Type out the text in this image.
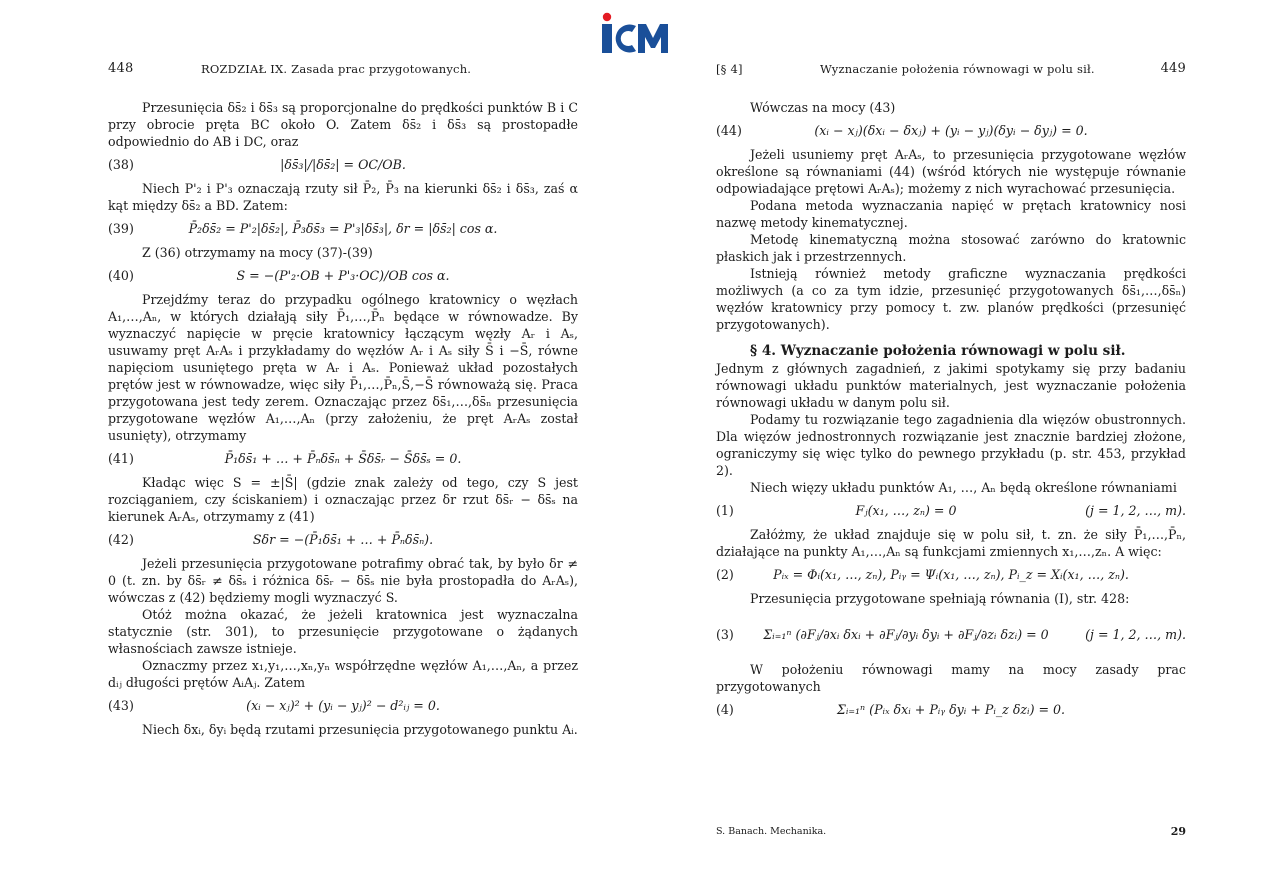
448	ROZDZIAŁ IX. Zasada prac przygotowanych.

Przesunięcia δs̄₂ i δs̄₃ są proporcjonalne do prędkości punktów B i C przy obrocie pręta BC około O. Zatem δs̄₂ i δs̄₃ są prostopadłe odpowiednio do AB i DC, oraz

(38)	|δs̄₃|/|δs̄₂| = OC/OB.

Niech P'₂ i P'₃ oznaczają rzuty sił P̄₂, P̄₃ na kierunki δs̄₂ i δs̄₃, zaś α kąt między δs̄₂ a BD. Zatem:

(39)	P̄₂δs̄₂ = P'₂|δs̄₂|, P̄₃δs̄₃ = P'₃|δs̄₃|, δr = |δs̄₂| cos α.

Z (36) otrzymamy na mocy (37)-(39)

(40)	S = −(P'₂·OB + P'₃·OC)/OB cos α.

Przejdźmy teraz do przypadku ogólnego kratownicy o węzłach A₁,…,Aₙ, w których działają siły P̄₁,…,P̄ₙ będące w równowadze. By wyznaczyć napięcie w pręcie kratownicy łączącym węzły Aᵣ i Aₛ, usuwamy pręt AᵣAₛ i przykładamy do węzłów Aᵣ i Aₛ siły S̄ i −S̄, równe napięciom usuniętego pręta w Aᵣ i Aₛ. Ponieważ układ pozostałych prętów jest w równowadze, więc siły P̄₁,…,P̄ₙ,S̄,−S̄ równoważą się. Praca przygotowana jest tedy zerem. Oznaczając przez δs̄₁,…,δs̄ₙ przesunięcia przygotowane węzłów A₁,…,Aₙ (przy założeniu, że pręt AᵣAₛ został usunięty), otrzymamy

(41)	P̄₁δs̄₁ + … + P̄ₙδs̄ₙ + S̄δs̄ᵣ − S̄δs̄ₛ = 0.

Kładąc więc S = ±|S̄| (gdzie znak zależy od tego, czy S jest rozciąganiem, czy ściskaniem) i oznaczając przez δr rzut δs̄ᵣ − δs̄ₛ na kierunek AᵣAₛ, otrzymamy z (41)

(42)	Sδr = −(P̄₁δs̄₁ + … + P̄ₙδs̄ₙ).

Jeżeli przesunięcia przygotowane potrafimy obrać tak, by było δr ≠ 0 (t. zn. by δs̄ᵣ ≠ δs̄ₛ i różnica δs̄ᵣ − δs̄ₛ nie była prostopadła do AᵣAₛ), wówczas z (42) będziemy mogli wyznaczyć S.

Otóż można okazać, że jeżeli kratownica jest wyznaczalna statycznie (str. 301), to przesunięcie przygotowane o żądanych własnościach zawsze istnieje.

Oznaczmy przez x₁,y₁,…,xₙ,yₙ współrzędne węzłów A₁,…,Aₙ, a przez dᵢⱼ długości prętów AᵢAⱼ. Zatem

(43)	(xᵢ − xⱼ)² + (yᵢ − yⱼ)² − d²ᵢⱼ = 0.

Niech δxᵢ, δyᵢ będą rzutami przesunięcia przygotowanego punktu Aᵢ.

[§ 4]	Wyznaczanie położenia równowagi w polu sił.	449

Wówczas na mocy (43)

(44)	(xᵢ − xⱼ)(δxᵢ − δxⱼ) + (yᵢ − yⱼ)(δyᵢ − δyⱼ) = 0.

Jeżeli usuniemy pręt AᵣAₛ, to przesunięcia przygotowane węzłów określone są równaniami (44) (wśród których nie występuje równanie odpowiadające prętowi AᵣAₛ); możemy z nich wyrachować przesunięcia.

Podana metoda wyznaczania napięć w prętach kratownicy nosi nazwę metody kinematycznej.

Metodę kinematyczną można stosować zarówno do kratownic płaskich jak i przestrzennych.

Istnieją również metody graficzne wyznaczania prędkości możliwych (a co za tym idzie, przesunięć przygotowanych δs̄₁,…,δs̄ₙ) węzłów kratownicy przy pomocy t. zw. planów prędkości (przesunięć przygotowanych).

§ 4. Wyznaczanie położenia równowagi w polu sił.

Jednym z głównych zagadnień, z jakimi spotykamy się przy badaniu równowagi układu punktów materialnych, jest wyznaczanie położenia równowagi układu w danym polu sił.

Podamy tu rozwiązanie tego zagadnienia dla więzów obustronnych. Dla więzów jednostronnych rozwiązanie jest znacznie bardziej złożone, ograniczymy się więc tylko do pewnego przykładu (p. str. 453, przykład 2).

Niech więzy układu punktów A₁, …, Aₙ będą określone równaniami

(1)	Fⱼ(x₁, …, zₙ) = 0	(j = 1, 2, …, m).

Załóżmy, że układ znajduje się w polu sił, t. zn. że siły P̄₁,…,P̄ₙ, działające na punkty A₁,…,Aₙ są funkcjami zmiennych x₁,…,zₙ. A więc:

(2)	Pᵢₓ = Φᵢ(x₁, …, zₙ), Pᵢᵧ = Ψᵢ(x₁, …, zₙ), Pᵢ_z = Xᵢ(x₁, …, zₙ).

Przesunięcia przygotowane spełniają równania (I), str. 428:

(3)	Σᵢ₌₁ⁿ (∂Fⱼ/∂xᵢ δxᵢ + ∂Fⱼ/∂yᵢ δyᵢ + ∂Fⱼ/∂zᵢ δzᵢ) = 0	(j = 1, 2, …, m).

W położeniu równowagi mamy na mocy zasady prac przygotowanych

(4)	Σᵢ₌₁ⁿ (Pᵢₓ δxᵢ + Pᵢᵧ δyᵢ + Pᵢ_z δzᵢ) = 0.
S. Banach. Mechanika.	29
